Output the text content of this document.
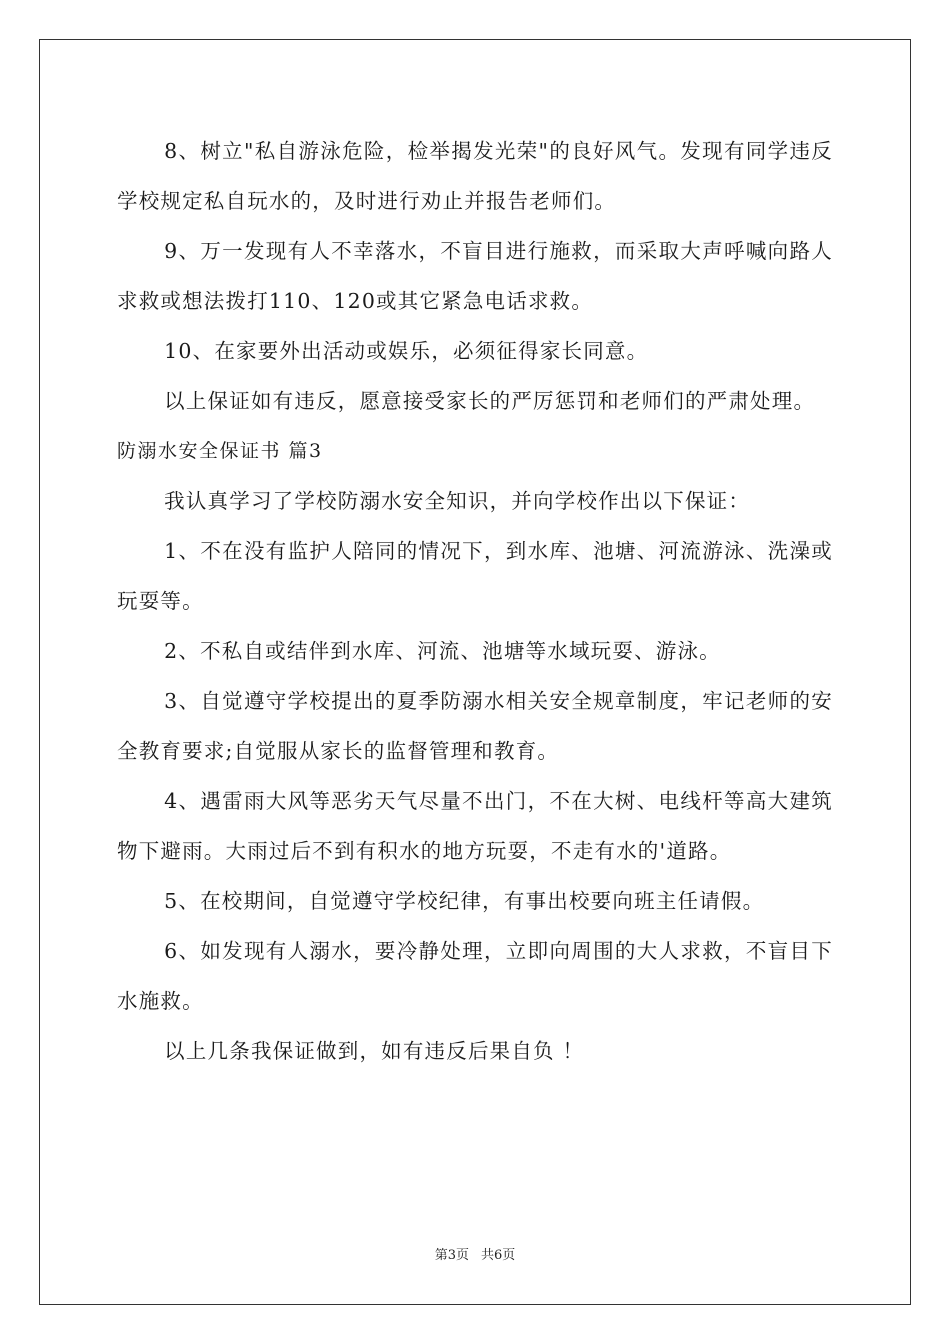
8、树立"私自游泳危险，检举揭发光荣"的良好风气。发现有同学违反学校规定私自玩水的，及时进行劝止并报告老师们。

9、万一发现有人不幸落水，不盲目进行施救，而采取大声呼喊向路人求救或想法拨打110、120或其它紧急电话求救。

10、在家要外出活动或娱乐，必须征得家长同意。

以上保证如有违反，愿意接受家长的严厉惩罚和老师们的严肃处理。

防溺水安全保证书 篇3

我认真学习了学校防溺水安全知识，并向学校作出以下保证：

1、不在没有监护人陪同的情况下，到水库、池塘、河流游泳、洗澡或玩耍等。

2、不私自或结伴到水库、河流、池塘等水域玩耍、游泳。

3、自觉遵守学校提出的夏季防溺水相关安全规章制度，牢记老师的安全教育要求;自觉服从家长的监督管理和教育。

4、遇雷雨大风等恶劣天气尽量不出门，不在大树、电线杆等高大建筑物下避雨。大雨过后不到有积水的地方玩耍，不走有水的'道路。

5、在校期间，自觉遵守学校纪律，有事出校要向班主任请假。

6、如发现有人溺水，要冷静处理，立即向周围的大人求救，不盲目下水施救。

以上几条我保证做到，如有违反后果自负 ！

第3页 共6页
